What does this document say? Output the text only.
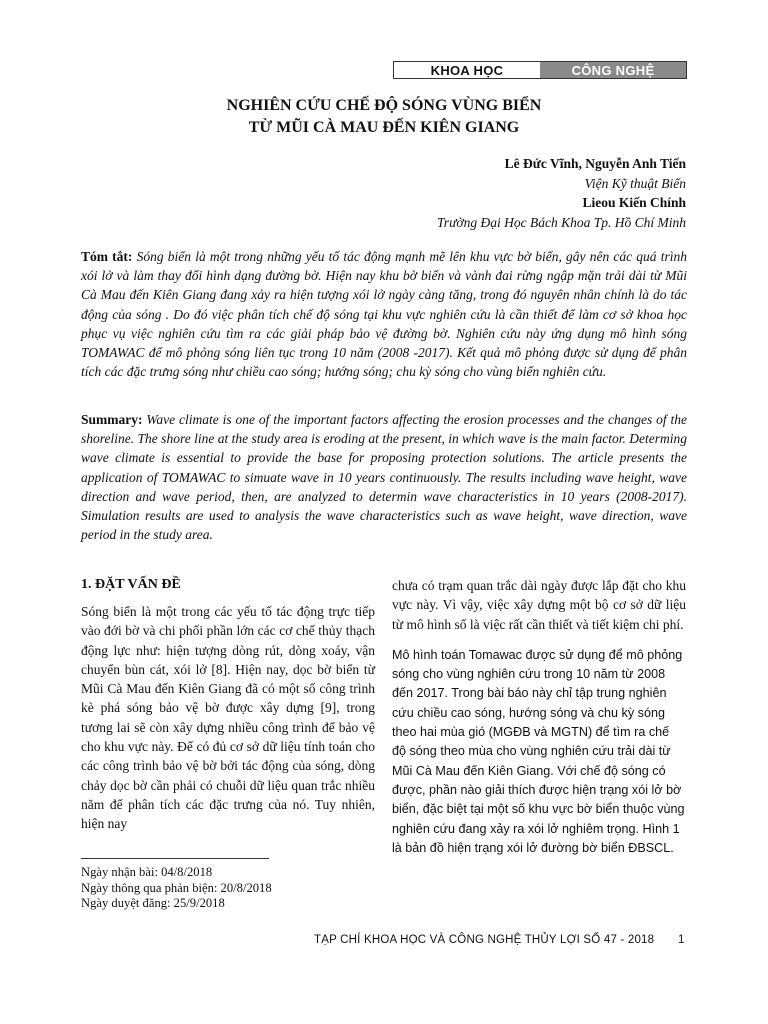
KHOA HỌC	CÔNG NGHỆ
NGHIÊN CỨU CHẾ ĐỘ SÓNG VÙNG BIỂN
TỪ MŨI CÀ MAU ĐẾN KIÊN GIANG
Lê Đức Vĩnh, Nguyễn Anh Tiến
Viện Kỹ thuật Biển
Lieou Kiến Chính
Trường Đại Học Bách Khoa Tp. Hồ Chí Minh
Tóm tắt: Sóng biển là một trong những yếu tố tác động mạnh mẽ lên khu vực bờ biển, gây nên các quá trình xói lở và làm thay đổi hình dạng đường bờ. Hiện nay khu bờ biển và vành đai rừng ngập mặn trải dài từ Mũi Cà Mau đến Kiên Giang đang xảy ra hiện tượng xói lở ngày càng tăng, trong đó nguyên nhân chính là do tác động của sóng . Do đó việc phân tích chế độ sóng tại khu vực nghiên cứu là cần thiết để làm cơ sở khoa học phục vụ việc nghiên cứu tìm ra các giải pháp bảo vệ đường bờ. Nghiên cứu này ứng dụng mô hình sóng TOMAWAC để mô phỏng sóng liên tục trong 10 năm (2008 -2017). Kết quả mô phỏng được sử dụng để phân tích các đặc trưng sóng như chiều cao sóng; hướng sóng; chu kỳ sóng cho vùng biển nghiên cứu.
Summary: Wave climate is one of the important factors affecting the erosion processes and the changes of the shoreline. The shore line at the study area is eroding at the present, in which wave is the main factor. Determing wave climate is essential to provide the base for proposing protection solutions. The article presents the application of TOMAWAC to simuate wave in 10 years continuously. The results including wave height, wave direction and wave period, then, are analyzed to determin wave characteristics in 10 years (2008-2017). Simulation results are used to analysis the wave characteristics such as wave height, wave direction, wave period in the study area.
1. ĐẶT VẤN ĐỀ

Sóng biển là một trong các yếu tố tác động trực tiếp vào đới bờ và chi phối phần lớn các cơ chế thủy thạch động lực như: hiện tượng dòng rút, dòng xoáy, vận chuyển bùn cát, xói lở [8]. Hiện nay, dọc bờ biển từ Mũi Cà Mau đến Kiên Giang đã có một số công trình kè phá sóng bảo vệ bờ được xây dựng [9], trong tương lai sẽ còn xây dựng nhiều công trình để bảo vệ cho khu vực này. Để có đủ cơ sở dữ liệu tính toán cho các công trình bảo vệ bờ bởi tác động của sóng, dòng chảy dọc bờ cần phải có chuỗi dữ liệu quan trắc nhiều năm để phân tích các đặc trưng của nó. Tuy nhiên, hiện nay

chưa có trạm quan trắc dài ngày được lắp đặt cho khu vực này. Vì vậy, việc xây dựng một bộ cơ sở dữ liệu từ mô hình số là việc rất cần thiết và tiết kiệm chi phí.

Mô hình toán Tomawac được sử dụng để mô phỏng sóng cho vùng nghiên cứu trong 10 năm từ 2008 đến 2017. Trong bài báo này chỉ tập trung nghiên cứu chiều cao sóng, hướng sóng và chu kỳ sóng theo hai mùa gió (MGĐB và MGTN) để tìm ra chế độ sóng theo mùa cho vùng nghiên cứu trải dài từ Mũi Cà Mau đến Kiên Giang. Với chế độ sóng có được, phần nào giải thích được hiện trạng xói lở bờ biển, đặc biệt tại một số khu vực bờ biển thuộc vùng nghiên cứu đang xảy ra xói lở nghiêm trọng. Hình 1 là bản đồ hiện trạng xói lở đường bờ biển ĐBSCL.

Ngày nhận bài: 04/8/2018
Ngày thông qua phản biện: 20/8/2018
Ngày duyệt đăng: 25/9/2018
TẠP CHÍ KHOA HỌC VÀ CÔNG NGHỆ THỦY LỢI SỐ 47 - 2018 1
